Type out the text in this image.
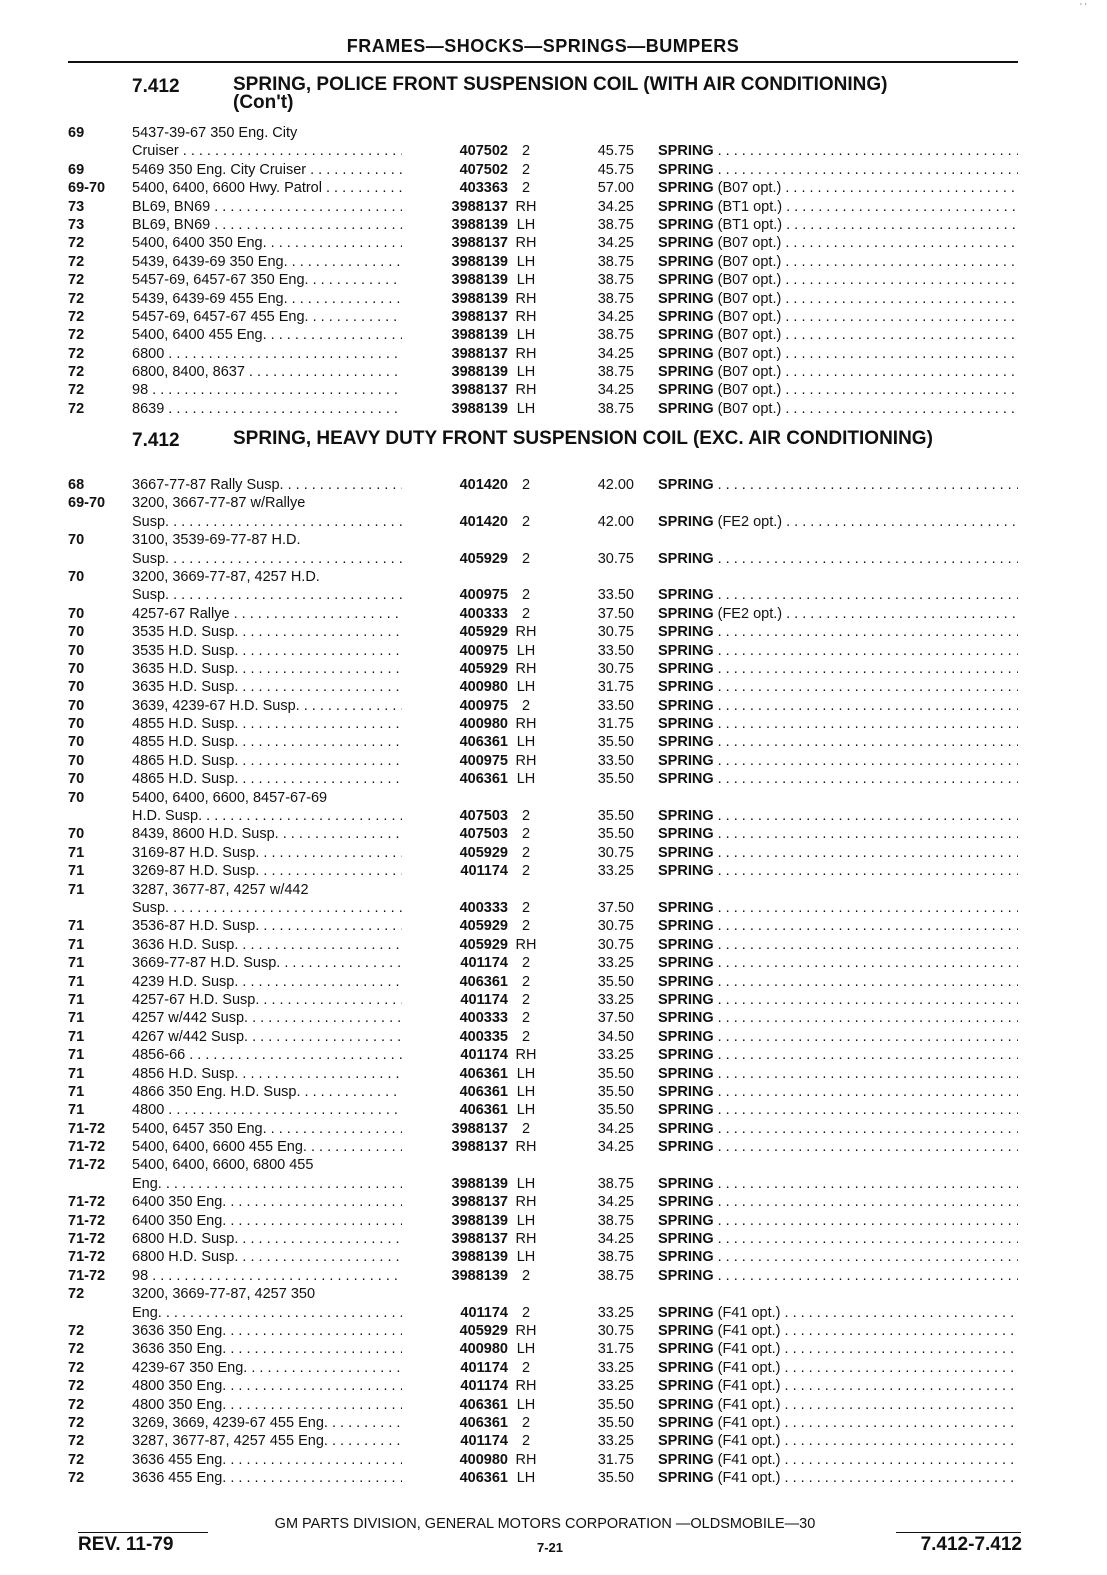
' '
FRAMES—SHOCKS—SPRINGS—BUMPERS
7.412	SPRING, POLICE FRONT SUSPENSION COIL (WITH AIR CONDITIONING) (Con't)
69	5437-39-67 350 Eng. City
Cruiser . . .	407502 2	45.75 SPRING . . .
69	5469 350 Eng. City Cruiser . . .	407502 2	45.75 SPRING . . .
69-70	5400, 6400, 6600 Hwy. Patrol . . .	403363 2	57.00 SPRING (B07 opt.) . . .
73	BL69, BN69 . . .	3988137 RH	34.25 SPRING (BT1 opt.) . . .
73	BL69, BN69 . . .	3988139 LH	38.75 SPRING (BT1 opt.) . . .
72	5400, 6400 350 Eng. . . .	3988137 RH	34.25 SPRING (B07 opt.) . . .
72	5439, 6439-69 350 Eng. . . .	3988139 LH	38.75 SPRING (B07 opt.) . . .
72	5457-69, 6457-67 350 Eng. . . .	3988139 LH	38.75 SPRING (B07 opt.) . . .
72	5439, 6439-69 455 Eng. . . .	3988139 RH	38.75 SPRING (B07 opt.) . . .
72	5457-69, 6457-67 455 Eng. . . .	3988137 RH	34.25 SPRING (B07 opt.) . . .
72	5400, 6400 455 Eng. . . .	3988139 LH	38.75 SPRING (B07 opt.) . . .
72	6800 . . .	3988137 RH	34.25 SPRING (B07 opt.) . . .
72	6800, 8400, 8637 . . .	3988139 LH	38.75 SPRING (B07 opt.) . . .
72	98 . . .	3988137 RH	34.25 SPRING (B07 opt.) . . .
72	8639 . . .	3988139 LH	38.75 SPRING (B07 opt.) . . .
7.412	SPRING, HEAVY DUTY FRONT SUSPENSION COIL (EXC. AIR CONDITIONING)
68	3667-77-87 Rally Susp. . . .	401420 2	42.00 SPRING . . .
69-70	3200, 3667-77-87 w/Rallye
Susp. . . .	401420 2	42.00 SPRING (FE2 opt.) . . .
70	3100, 3539-69-77-87 H.D.
Susp. . . .	405929 2	30.75 SPRING . . .
70	3200, 3669-77-87, 4257 H.D.
Susp. . . .	400975 2	33.50 SPRING . . .
70	4257-67 Rallye . . .	400333 2	37.50 SPRING (FE2 opt.) . . .
70	3535 H.D. Susp. . . .	405929 RH	30.75 SPRING . . .
70	3535 H.D. Susp. . . .	400975 LH	33.50 SPRING . . .
70	3635 H.D. Susp. . . .	405929 RH	30.75 SPRING . . .
70	3635 H.D. Susp. . . .	400980 LH	31.75 SPRING . . .
70	3639, 4239-67 H.D. Susp. . . .	400975 2	33.50 SPRING . . .
70	4855 H.D. Susp. . . .	400980 RH	31.75 SPRING . . .
70	4855 H.D. Susp. . . .	406361 LH	35.50 SPRING . . .
70	4865 H.D. Susp. . . .	400975 RH	33.50 SPRING . . .
70	4865 H.D. Susp. . . .	406361 LH	35.50 SPRING . . .
70	5400, 6400, 6600, 8457-67-69
H.D. Susp. . . .	407503 2	35.50 SPRING . . .
70	8439, 8600 H.D. Susp. . . .	407503 2	35.50 SPRING . . .
71	3169-87 H.D. Susp. . . .	405929 2	30.75 SPRING . . .
71	3269-87 H.D. Susp. . . .	401174 2	33.25 SPRING . . .
71	3287, 3677-87, 4257 w/442
Susp. . . .	400333 2	37.50 SPRING . . .
71	3536-87 H.D. Susp. . . .	405929 2	30.75 SPRING . . .
71	3636 H.D. Susp. . . .	405929 RH	30.75 SPRING . . .
71	3669-77-87 H.D. Susp. . . .	401174 2	33.25 SPRING . . .
71	4239 H.D. Susp. . . .	406361 2	35.50 SPRING . . .
71	4257-67 H.D. Susp. . . .	401174 2	33.25 SPRING . . .
71	4257 w/442 Susp. . . .	400333 2	37.50 SPRING . . .
71	4267 w/442 Susp. . . .	400335 2	34.50 SPRING . . .
71	4856-66 . . .	401174 RH	33.25 SPRING . . .
71	4856 H.D. Susp. . . .	406361 LH	35.50 SPRING . . .
71	4866 350 Eng. H.D. Susp. . . .	406361 LH	35.50 SPRING . . .
71	4800 . . .	406361 LH	35.50 SPRING . . .
71-72	5400, 6457 350 Eng. . . .	3988137 2	34.25 SPRING . . .
71-72	5400, 6400, 6600 455 Eng. . . .	3988137 RH	34.25 SPRING . . .
71-72	5400, 6400, 6600, 6800 455
Eng. . . .	3988139 LH	38.75 SPRING . . .
71-72	6400 350 Eng. . . .	3988137 RH	34.25 SPRING . . .
71-72	6400 350 Eng. . . .	3988139 LH	38.75 SPRING . . .
71-72	6800 H.D. Susp. . . .	3988137 RH	34.25 SPRING . . .
71-72	6800 H.D. Susp. . . .	3988139 LH	38.75 SPRING . . .
71-72	98 . . .	3988139 2	38.75 SPRING . . .
72	3200, 3669-77-87, 4257 350
Eng. . . .	401174 2	33.25 SPRING (F41 opt.) . . .
72	3636 350 Eng. . . .	405929 RH	30.75 SPRING (F41 opt.) . . .
72	3636 350 Eng. . . .	400980 LH	31.75 SPRING (F41 opt.) . . .
72	4239-67 350 Eng. . . .	401174 2	33.25 SPRING (F41 opt.) . . .
72	4800 350 Eng. . . .	401174 RH	33.25 SPRING (F41 opt.) . . .
72	4800 350 Eng. . . .	406361 LH	35.50 SPRING (F41 opt.) . . .
72	3269, 3669, 4239-67 455 Eng. . . .	406361 2	35.50 SPRING (F41 opt.) . . .
72	3287, 3677-87, 4257 455 Eng. . . .	401174 2	33.25 SPRING (F41 opt.) . . .
72	3636 455 Eng. . . .	400980 RH	31.75 SPRING (F41 opt.) . . .
72	3636 455 Eng. . . .	406361 LH	35.50 SPRING (F41 opt.) . . .
GM PARTS DIVISION, GENERAL MOTORS CORPORATION —OLDSMOBILE—30
REV. 11-79	7-21	7.412-7.412
